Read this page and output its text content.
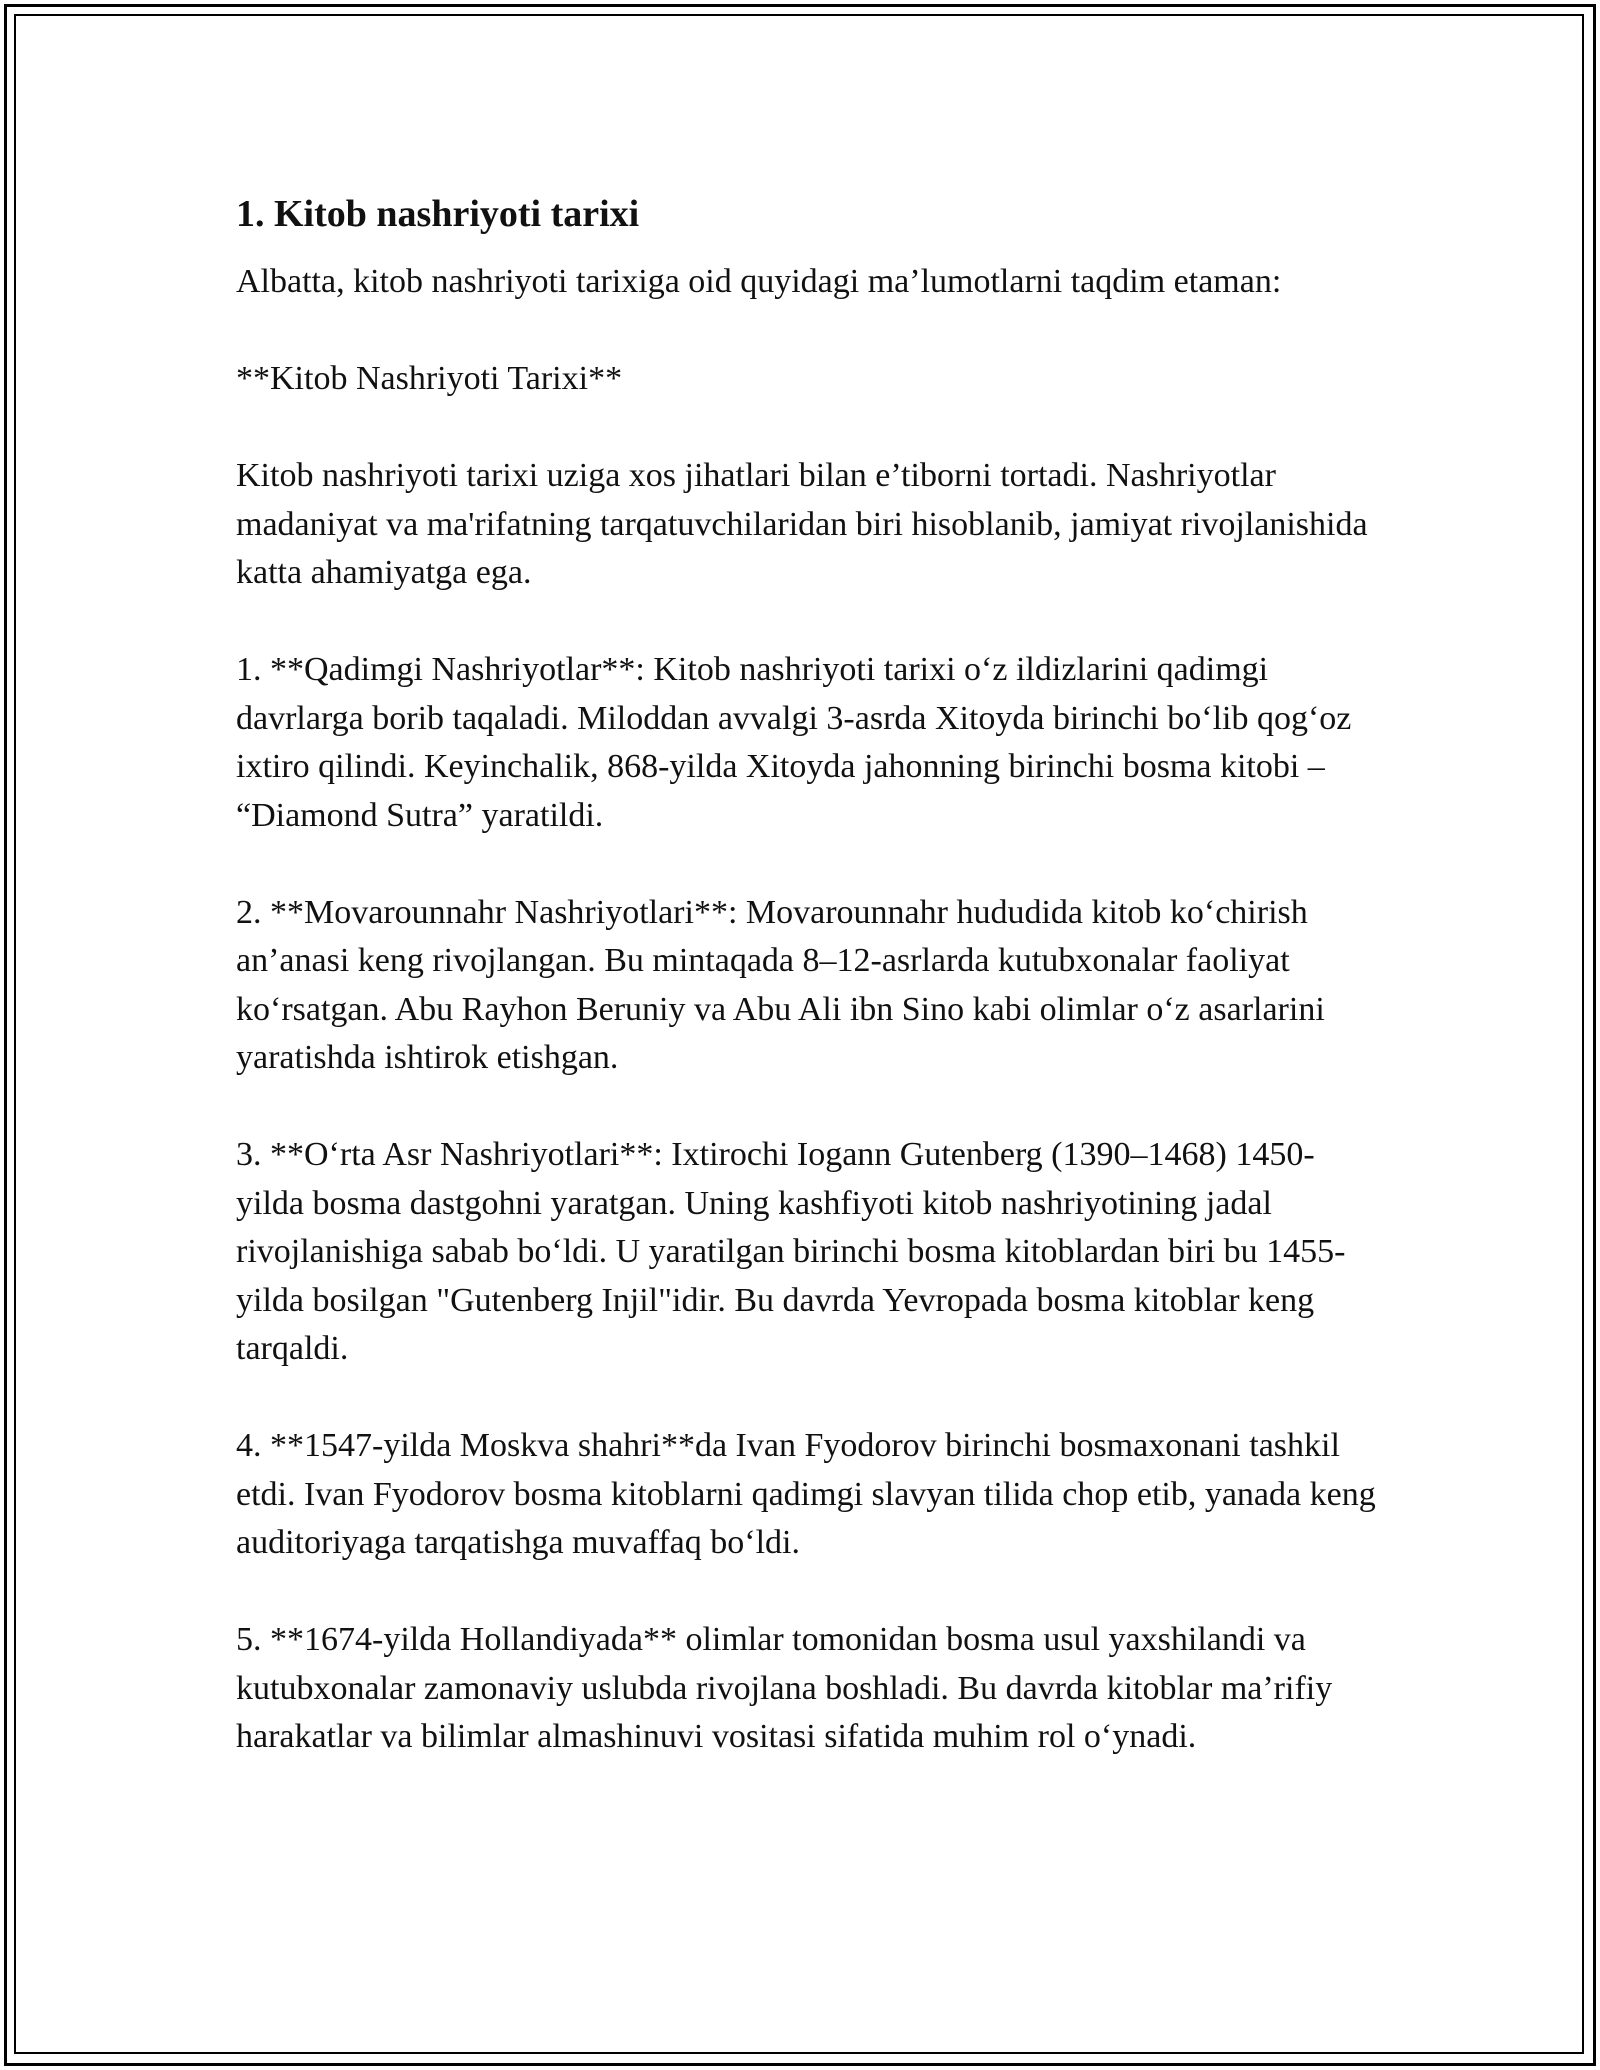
1. Kitob nashriyoti tarixi

Albatta, kitob nashriyoti tarixiga oid quyidagi ma’lumotlarni taqdim etaman:

**Kitob Nashriyoti Tarixi**

Kitob nashriyoti tarixi uziga xos jihatlari bilan e’tiborni tortadi. Nashriyotlar madaniyat va ma'rifatning tarqatuvchilaridan biri hisoblanib, jamiyat rivojlanishida katta ahamiyatga ega.

1. **Qadimgi Nashriyotlar**: Kitob nashriyoti tarixi o‘z ildizlarini qadimgi davrlarga borib taqaladi. Miloddan avvalgi 3-asrda Xitoyda birinchi bo‘lib qog‘oz ixtiro qilindi. Keyinchalik, 868-yilda Xitoyda jahonning birinchi bosma kitobi – “Diamond Sutra” yaratildi.

2. **Movarounnahr Nashriyotlari**: Movarounnahr hududida kitob ko‘chirish an’anasi keng rivojlangan. Bu mintaqada 8–12-asrlarda kutubxonalar faoliyat ko‘rsatgan. Abu Rayhon Beruniy va Abu Ali ibn Sino kabi olimlar o‘z asarlarini yaratishda ishtirok etishgan.

3. **O‘rta Asr Nashriyotlari**: Ixtirochi Iogann Gutenberg (1390–1468) 1450-yilda bosma dastgohni yaratgan. Uning kashfiyoti kitob nashriyotining jadal rivojlanishiga sabab bo‘ldi. U yaratilgan birinchi bosma kitoblardan biri bu 1455-yilda bosilgan "Gutenberg Injil"idir. Bu davrda Yevropada bosma kitoblar keng tarqaldi.

4. **1547-yilda Moskva shahri**da Ivan Fyodorov birinchi bosmaxonani tashkil etdi. Ivan Fyodorov bosma kitoblarni qadimgi slavyan tilida chop etib, yanada keng auditoriyaga tarqatishga muvaffaq bo‘ldi.

5. **1674-yilda Hollandiyada** olimlar tomonidan bosma usul yaxshilandi va kutubxonalar zamonaviy uslubda rivojlana boshladi. Bu davrda kitoblar ma’rifiy harakatlar va bilimlar almashinuvi vositasi sifatida muhim rol o‘ynadi.
